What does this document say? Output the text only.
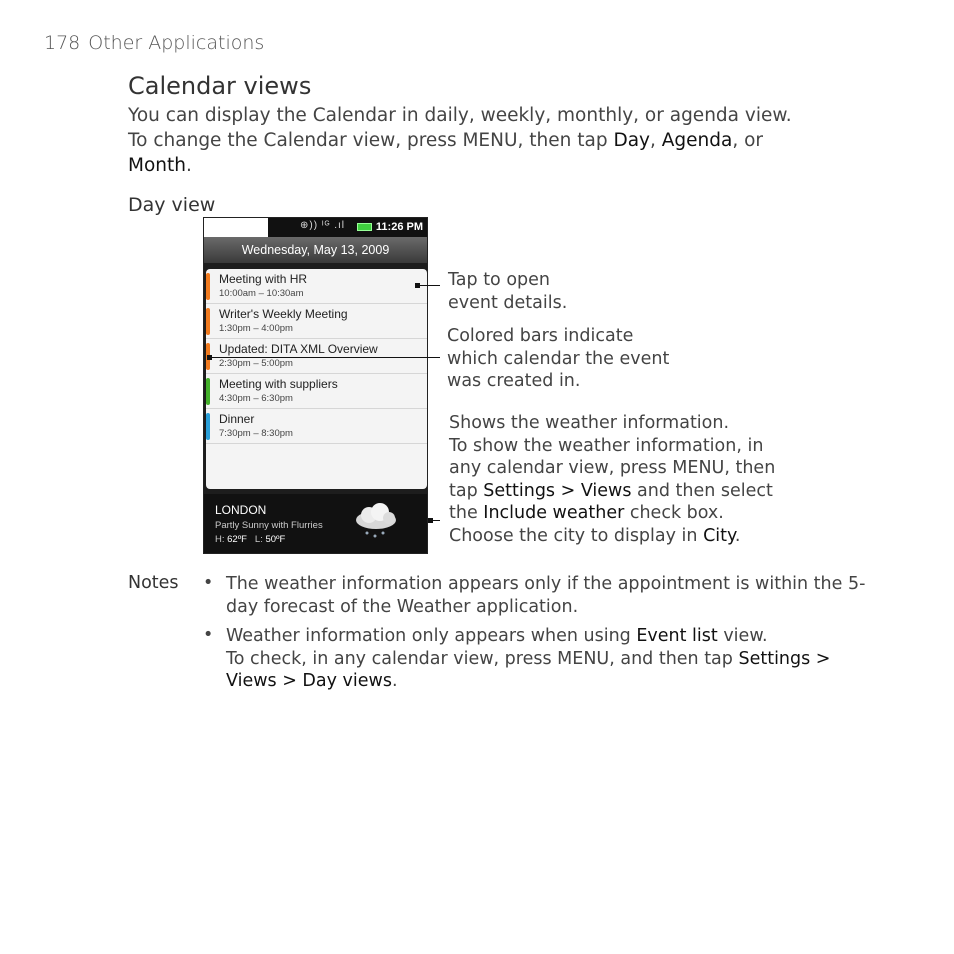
178 Other Applications
Calendar views
You can display the Calendar in daily, weekly, monthly, or agenda view.
To change the Calendar view, press MENU, then tap Day, Agenda, or
Month.
Day view
⊕)) ᴵᴳ .ıl	11:26 PM
Wednesday, May 13, 2009
Meeting with HR
10:00am – 10:30am
Writer's Weekly Meeting
1:30pm – 4:00pm
Updated: DITA XML Overview
2:30pm – 5:00pm
Meeting with suppliers
4:30pm – 6:30pm
Dinner
7:30pm – 8:30pm
LONDON
Partly Sunny with Flurries
H: 62ºF L: 50ºF
Tap to open
event details.
Colored bars indicate
which calendar the event
was created in.
Shows the weather information.
To show the weather information, in
any calendar view, press MENU, then
tap Settings > Views and then select
the Include weather check box.
Choose the city to display in City.
Notes • The weather information appears only if the appointment is within the 5-day forecast of the Weather application.
• Weather information only appears when using Event list view.
To check, in any calendar view, press MENU, and then tap Settings > Views > Day views.
